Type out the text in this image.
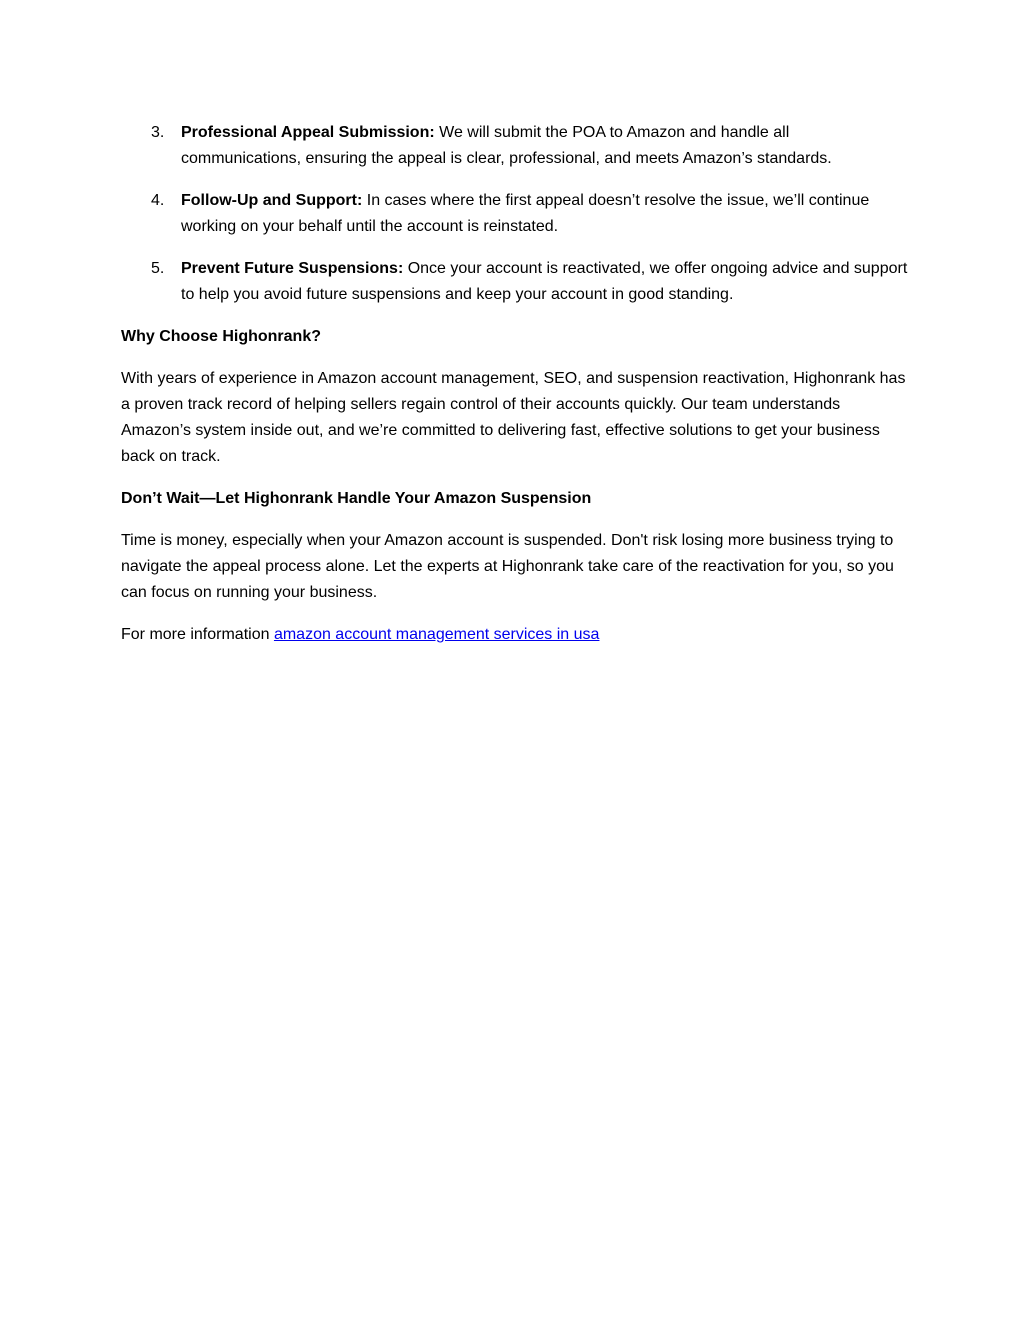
3. Professional Appeal Submission: We will submit the POA to Amazon and handle all communications, ensuring the appeal is clear, professional, and meets Amazon’s standards.
4. Follow-Up and Support: In cases where the first appeal doesn’t resolve the issue, we’ll continue working on your behalf until the account is reinstated.
5. Prevent Future Suspensions: Once your account is reactivated, we offer ongoing advice and support to help you avoid future suspensions and keep your account in good standing.
Why Choose Highonrank?

With years of experience in Amazon account management, SEO, and suspension reactivation, Highonrank has a proven track record of helping sellers regain control of their accounts quickly. Our team understands Amazon’s system inside out, and we’re committed to delivering fast, effective solutions to get your business back on track.

Don’t Wait—Let Highonrank Handle Your Amazon Suspension

Time is money, especially when your Amazon account is suspended. Don't risk losing more business trying to navigate the appeal process alone. Let the experts at Highonrank take care of the reactivation for you, so you can focus on running your business.

For more information amazon account management services in usa
